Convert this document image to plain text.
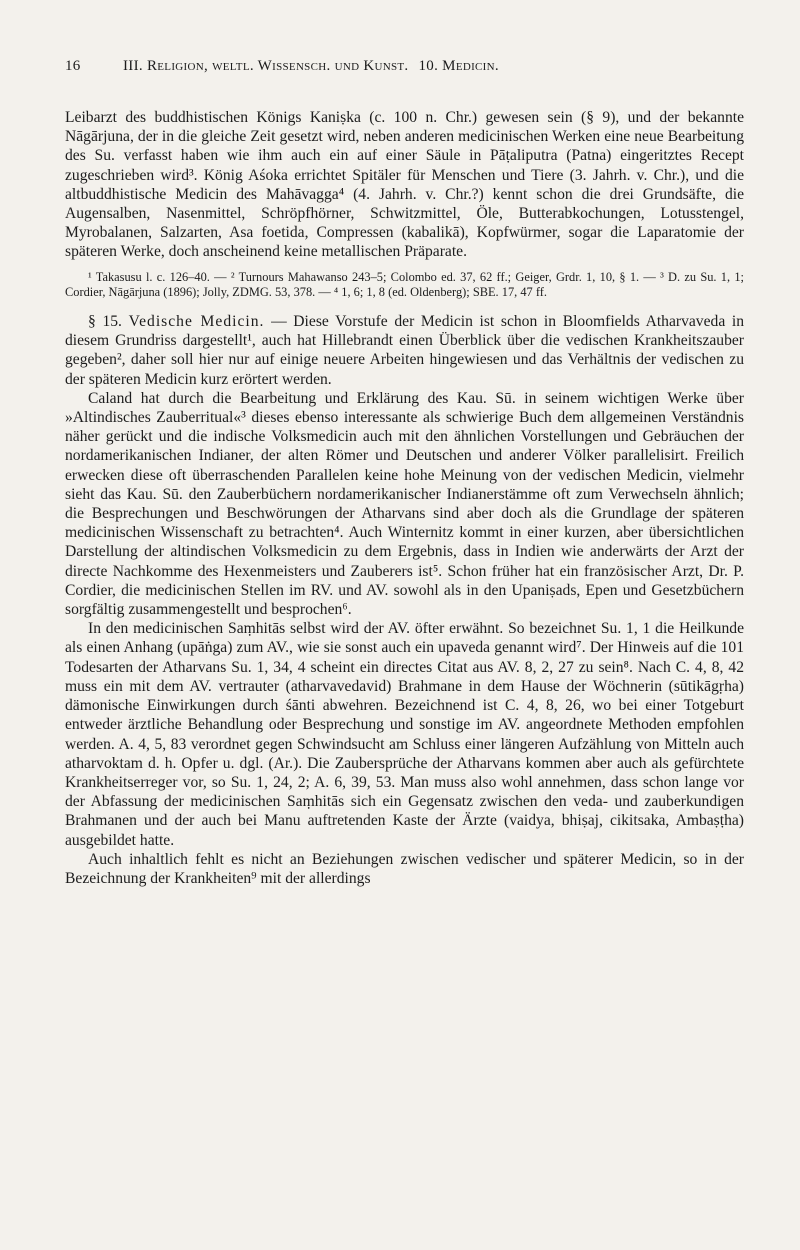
16	III. Religion, weltl. Wissensch. und Kunst. 10. Medicin.

Leibarzt des buddhistischen Königs Kaniṣka (c. 100 n. Chr.) gewesen sein (§ 9), und der bekannte Nāgārjuna, der in die gleiche Zeit gesetzt wird, neben anderen medicinischen Werken eine neue Bearbeitung des Su. verfasst haben wie ihm auch ein auf einer Säule in Pāṭaliputra (Patna) eingeritztes Recept zugeschrieben wird³. König Aśoka errichtet Spitäler für Menschen und Tiere (3. Jahrh. v. Chr.), und die altbuddhistische Medicin des Mahāvagga⁴ (4. Jahrh. v. Chr.?) kennt schon die drei Grundsäfte, die Augensalben, Nasenmittel, Schröpfhörner, Schwitzmittel, Öle, Butterabkochungen, Lotusstengel, Myrobalanen, Salzarten, Asa foetida, Compressen (kabalikā), Kopfwürmer, sogar die Laparatomie der späteren Werke, doch anscheinend keine metallischen Präparate.

¹ Takasusu l. c. 126–40. — ² Turnours Mahawanso 243–5; Colombo ed. 37, 62 ff.; Geiger, Grdr. 1, 10, § 1. — ³ D. zu Su. 1, 1; Cordier, Nāgārjuna (1896); Jolly, ZDMG. 53, 378. — ⁴ 1, 6; 1, 8 (ed. Oldenberg); SBE. 17, 47 ff.

§ 15. Vedische Medicin. — Diese Vorstufe der Medicin ist schon in Bloomfields Atharvaveda in diesem Grundriss dargestellt¹, auch hat Hillebrandt einen Überblick über die vedischen Krankheitszauber gegeben², daher soll hier nur auf einige neuere Arbeiten hingewiesen und das Verhältnis der vedischen zu der späteren Medicin kurz erörtert werden.

Caland hat durch die Bearbeitung und Erklärung des Kau. Sū. in seinem wichtigen Werke über »Altindisches Zauberritual«³ dieses ebenso interessante als schwierige Buch dem allgemeinen Verständnis näher gerückt und die indische Volksmedicin auch mit den ähnlichen Vorstellungen und Gebräuchen der nordamerikanischen Indianer, der alten Römer und Deutschen und anderer Völker parallelisirt. Freilich erwecken diese oft überraschenden Parallelen keine hohe Meinung von der vedischen Medicin, vielmehr sieht das Kau. Sū. den Zauberbüchern nordamerikanischer Indianerstämme oft zum Verwechseln ähnlich; die Besprechungen und Beschwörungen der Atharvans sind aber doch als die Grundlage der späteren medicinischen Wissenschaft zu betrachten⁴. Auch Winternitz kommt in einer kurzen, aber übersichtlichen Darstellung der altindischen Volksmedicin zu dem Ergebnis, dass in Indien wie anderwärts der Arzt der directe Nachkomme des Hexenmeisters und Zauberers ist⁵. Schon früher hat ein französischer Arzt, Dr. P. Cordier, die medicinischen Stellen im RV. und AV. sowohl als in den Upaniṣads, Epen und Gesetzbüchern sorgfältig zusammengestellt und besprochen⁶.

In den medicinischen Saṃhitās selbst wird der AV. öfter erwähnt. So bezeichnet Su. 1, 1 die Heilkunde als einen Anhang (upāṅga) zum AV., wie sie sonst auch ein upaveda genannt wird⁷. Der Hinweis auf die 101 Todesarten der Atharvans Su. 1, 34, 4 scheint ein directes Citat aus AV. 8, 2, 27 zu sein⁸. Nach C. 4, 8, 42 muss ein mit dem AV. vertrauter (atharvavedavid) Brahmane in dem Hause der Wöchnerin (sūtikāgṛha) dämonische Einwirkungen durch śānti abwehren. Bezeichnend ist C. 4, 8, 26, wo bei einer Totgeburt entweder ärztliche Behandlung oder Besprechung und sonstige im AV. angeordnete Methoden empfohlen werden. A. 4, 5, 83 verordnet gegen Schwindsucht am Schluss einer längeren Aufzählung von Mitteln auch atharvoktam d. h. Opfer u. dgl. (Ar.). Die Zaubersprüche der Atharvans kommen aber auch als gefürchtete Krankheitserreger vor, so Su. 1, 24, 2; A. 6, 39, 53. Man muss also wohl annehmen, dass schon lange vor der Abfassung der medicinischen Saṃhitās sich ein Gegensatz zwischen den veda- und zauberkundigen Brahmanen und der auch bei Manu auftretenden Kaste der Ärzte (vaidya, bhiṣaj, cikitsaka, Ambaṣṭha) ausgebildet hatte.

Auch inhaltlich fehlt es nicht an Beziehungen zwischen vedischer und späterer Medicin, so in der Bezeichnung der Krankheiten⁹ mit der allerdings
